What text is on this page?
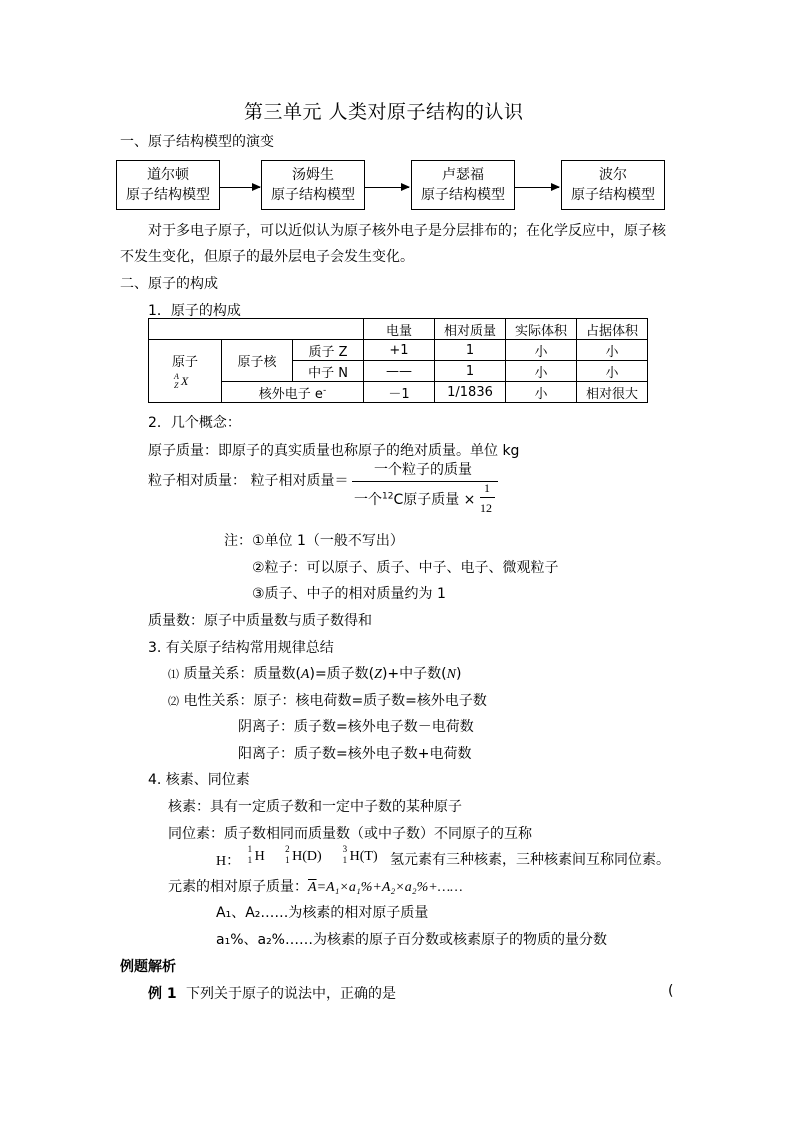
第三单元 人类对原子结构的认识
一、原子结构模型的演变
道尔顿
原子结构模型
汤姆生
原子结构模型
卢瑟福
原子结构模型
波尔
原子结构模型
对于多电子原子，可以近似认为原子核外电子是分层排布的；在化学反应中，原子核
不发生变化，但原子的最外层电子会发生变化。
二、原子的构成
1．原子的构成
			电量	相对质量	实际体积	占据体积

原子
A
Z X	原子核	质子 Z	+1	1	小	小
		中子 N	——	1	小	小
	核外电子 e-		－1	1/1836	小	相对很大
2．几个概念：
原子质量：即原子的真实质量也称原子的绝对质量。单位 kg
粒子相对质量： 粒子相对质量＝
一个粒子的质量
一个$^{12}$C原子质量 ×
1
12
注：①单位 1（一般不写出）
②粒子：可以原子、质子、中子、电子、微观粒子
③质子、中子的相对质量约为 1
质量数：原子中质量数与质子数得和
3. 有关原子结构常用规律总结
⑴ 质量关系：质量数(A)=质子数(Z)+中子数(N)
⑵ 电性关系：原子：核电荷数=质子数=核外电子数
阴离子：质子数=核外电子数－电荷数
阳离子：质子数=核外电子数+电荷数
4. 核素、同位素
核素：具有一定质子数和一定中子数的某种原子
同位素：质子数相同而质量数（或中子数）不同原子的互称
H：
1
1 H
2
1 H(D)
3
1 H(T) 氢元素有三种核素，三种核素间互称同位素。
元素的相对原子质量：$\overline{A}=A_1\times a_1\%+A_2\times a_2\%+\dots\dots$
A₁、A₂……为核素的相对原子质量
a₁%、a₂%……为核素的原子百分数或核素原子的物质的量分数
例题解析
例 1 下列关于原子的说法中，正确的是	(
